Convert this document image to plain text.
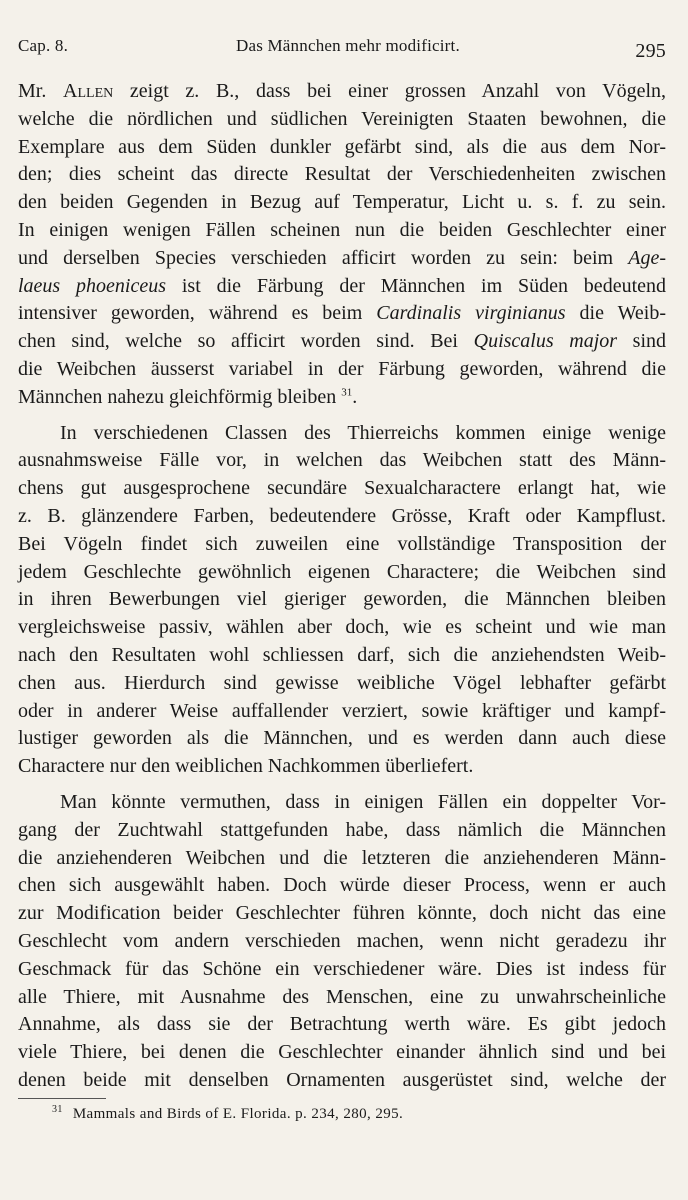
Cap. 8.	Das Männchen mehr modificirt.	295
Mr. Allen zeigt z. B., dass bei einer grossen Anzahl von Vögeln,
welche die nördlichen und südlichen Vereinigten Staaten bewohnen, die
Exemplare aus dem Süden dunkler gefärbt sind, als die aus dem Nor-
den; dies scheint das directe Resultat der Verschiedenheiten zwischen
den beiden Gegenden in Bezug auf Temperatur, Licht u. s. f. zu sein.
In einigen wenigen Fällen scheinen nun die beiden Geschlechter einer
und derselben Species verschieden afficirt worden zu sein: beim Age-
laeus phoeniceus ist die Färbung der Männchen im Süden bedeutend
intensiver geworden, während es beim Cardinalis virginianus die Weib-
chen sind, welche so afficirt worden sind. Bei Quiscalus major sind
die Weibchen äusserst variabel in der Färbung geworden, während die
Männchen nahezu gleichförmig bleiben $^{31}$.
In verschiedenen Classen des Thierreichs kommen einige wenige
ausnahmsweise Fälle vor, in welchen das Weibchen statt des Männ-
chens gut ausgesprochene secundäre Sexualcharactere erlangt hat, wie
z. B. glänzendere Farben, bedeutendere Grösse, Kraft oder Kampflust.
Bei Vögeln findet sich zuweilen eine vollständige Transposition der
jedem Geschlechte gewöhnlich eigenen Charactere; die Weibchen sind
in ihren Bewerbungen viel gieriger geworden, die Männchen bleiben
vergleichsweise passiv, wählen aber doch, wie es scheint und wie man
nach den Resultaten wohl schliessen darf, sich die anziehendsten Weib-
chen aus. Hierdurch sind gewisse weibliche Vögel lebhafter gefärbt
oder in anderer Weise auffallender verziert, sowie kräftiger und kampf-
lustiger geworden als die Männchen, und es werden dann auch diese
Charactere nur den weiblichen Nachkommen überliefert.
Man könnte vermuthen, dass in einigen Fällen ein doppelter Vor-
gang der Zuchtwahl stattgefunden habe, dass nämlich die Männchen
die anziehenderen Weibchen und die letzteren die anziehenderen Männ-
chen sich ausgewählt haben. Doch würde dieser Process, wenn er auch
zur Modification beider Geschlechter führen könnte, doch nicht das eine
Geschlecht vom andern verschieden machen, wenn nicht geradezu ihr
Geschmack für das Schöne ein verschiedener wäre. Dies ist indess für
alle Thiere, mit Ausnahme des Menschen, eine zu unwahrscheinliche
Annahme, als dass sie der Betrachtung werth wäre. Es gibt jedoch
viele Thiere, bei denen die Geschlechter einander ähnlich sind und bei
denen beide mit denselben Ornamenten ausgerüstet sind, welche der
$^{31}$ Mammals and Birds of E. Florida. p. 234, 280, 295.
